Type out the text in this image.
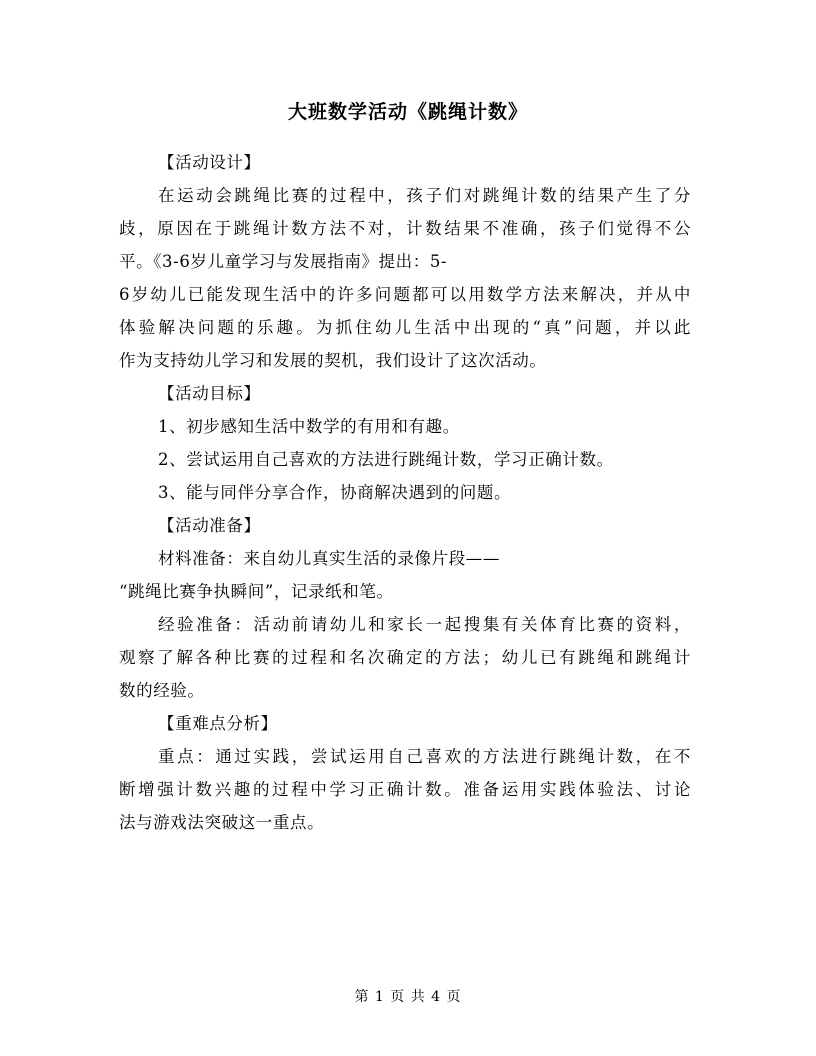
大班数学活动《跳绳计数》
【活动设计】
在运动会跳绳比赛的过程中，孩子们对跳绳计数的结果产生了分
歧，原因在于跳绳计数方法不对，计数结果不准确，孩子们觉得不公
平。《3-6岁儿童学习与发展指南》提出：5-
6岁幼儿已能发现生活中的许多问题都可以用数学方法来解决，并从中
体验解决问题的乐趣。为抓住幼儿生活中出现的“真”问题，并以此
作为支持幼儿学习和发展的契机，我们设计了这次活动。
【活动目标】
1、初步感知生活中数学的有用和有趣。
2、尝试运用自己喜欢的方法进行跳绳计数，学习正确计数。
3、能与同伴分享合作，协商解决遇到的问题。
【活动准备】
材料准备：来自幼儿真实生活的录像片段——
“跳绳比赛争执瞬间”，记录纸和笔。
经验准备：活动前请幼儿和家长一起搜集有关体育比赛的资料，
观察了解各种比赛的过程和名次确定的方法；幼儿已有跳绳和跳绳计
数的经验。
【重难点分析】
重点：通过实践，尝试运用自己喜欢的方法进行跳绳计数，在不
断增强计数兴趣的过程中学习正确计数。准备运用实践体验法、讨论
法与游戏法突破这一重点。
第 1 页 共 4 页
